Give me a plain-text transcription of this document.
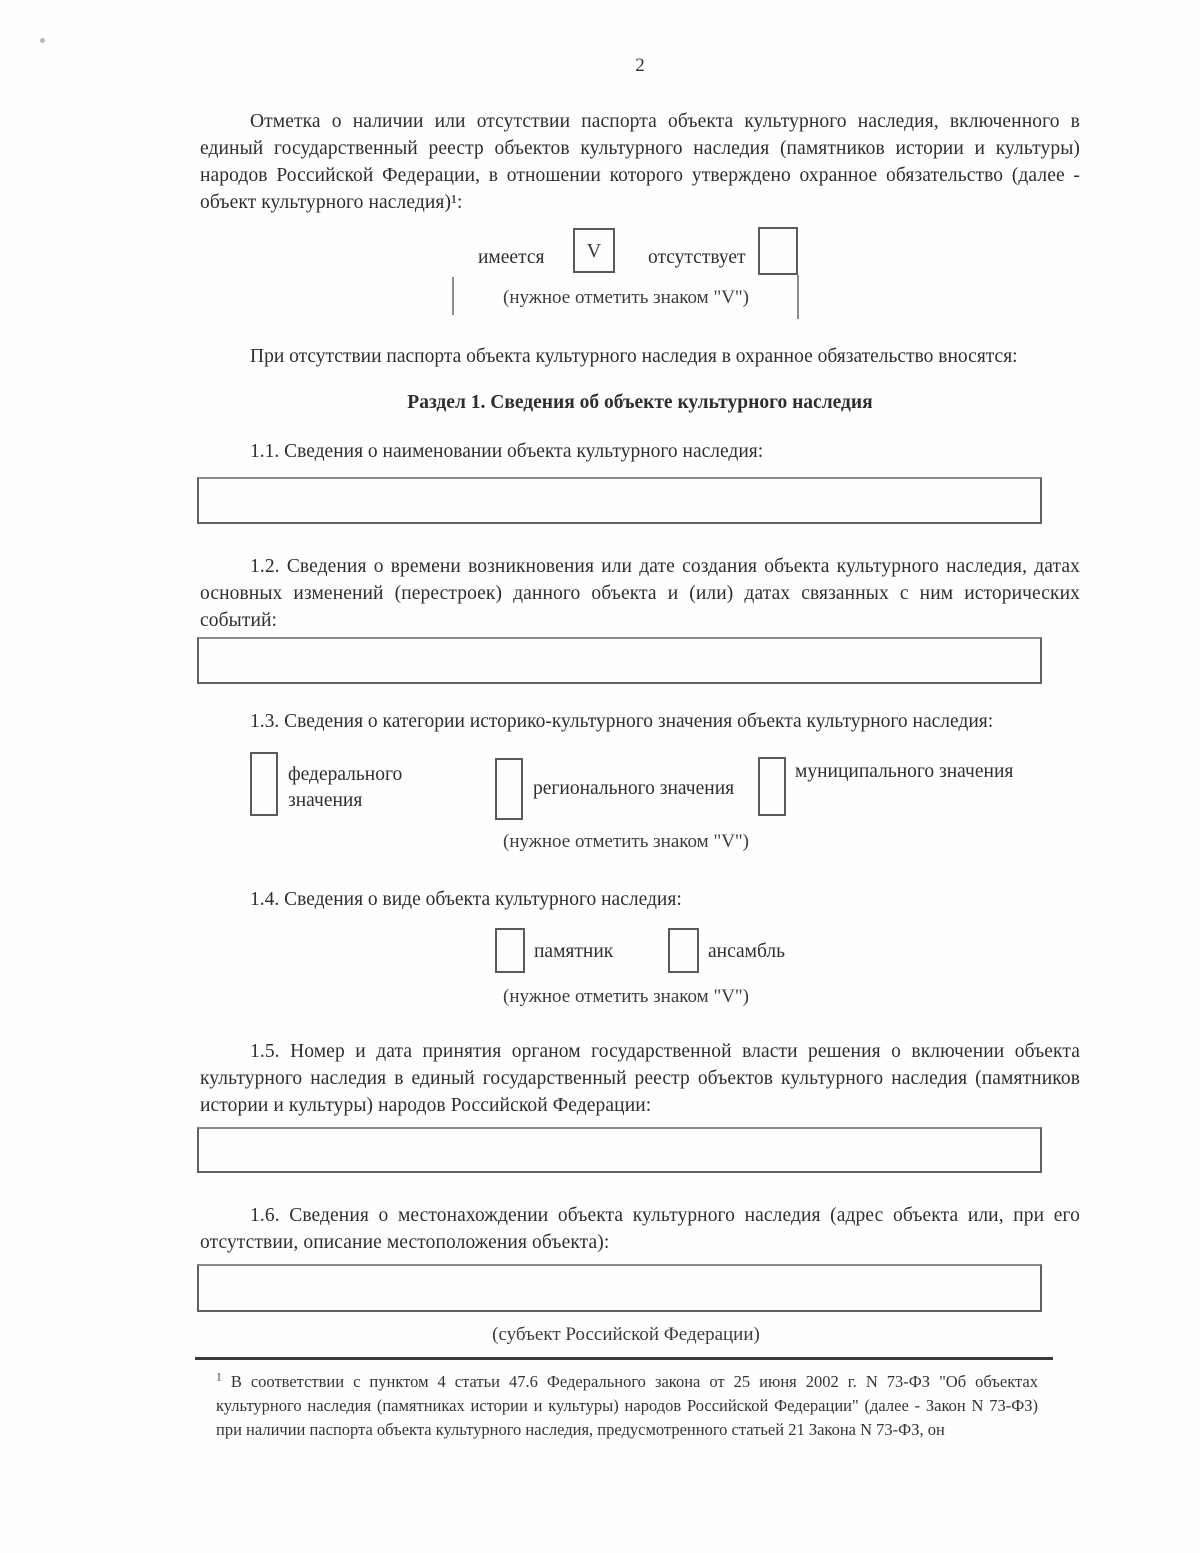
2
Отметка о наличии или отсутствии паспорта объекта культурного наследия, включенного в единый государственный реестр объектов культурного наследия (памятников истории и культуры) народов Российской Федерации, в отношении которого утверждено охранное обязательство (далее - объект культурного наследия)¹:
имеется	V	отсутствует
(нужное отметить знаком "V")
При отсутствии паспорта объекта культурного наследия в охранное обязательство вносятся:
Раздел 1. Сведения об объекте культурного наследия
1.1. Сведения о наименовании объекта культурного наследия:
1.2. Сведения о времени возникновения или дате создания объекта культурного наследия, датах основных изменений (перестроек) данного объекта и (или) датах связанных с ним исторических событий:
1.3. Сведения о категории историко-культурного значения объекта культурного наследия:
федерального значения
регионального значения
муниципального значения
(нужное отметить знаком "V")
1.4. Сведения о виде объекта культурного наследия:
памятник	ансамбль
(нужное отметить знаком "V")
1.5. Номер и дата принятия органом государственной власти решения о включении объекта культурного наследия в единый государственный реестр объектов культурного наследия (памятников истории и культуры) народов Российской Федерации:
1.6. Сведения о местонахождении объекта культурного наследия (адрес объекта или, при его отсутствии, описание местоположения объекта):
(субъект Российской Федерации)
$^1$ В соответствии с пунктом 4 статьи 47.6 Федерального закона от 25 июня 2002 г. N 73-ФЗ "Об объектах культурного наследия (памятниках истории и культуры) народов Российской Федерации" (далее - Закон N 73-ФЗ) при наличии паспорта объекта культурного наследия, предусмотренного статьей 21 Закона N 73-ФЗ, он
